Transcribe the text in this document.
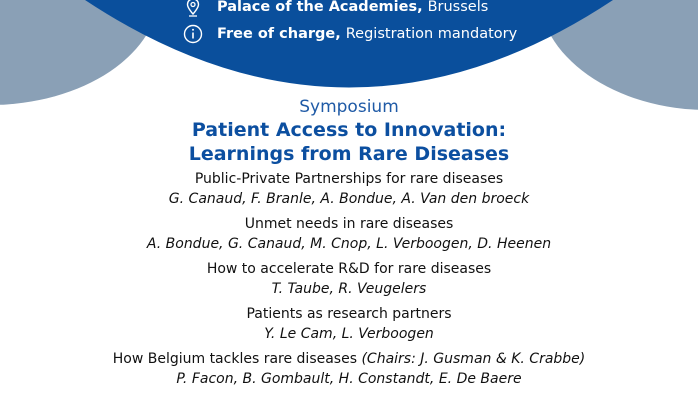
Palace of the Academies, Brussels
Free of charge, Registration mandatory
Symposium
Patient Access to Innovation:
Learnings from Rare Diseases
Public-Private Partnerships for rare diseases
G. Canaud, F. Branle, A. Bondue, A. Van den broeck
Unmet needs in rare diseases
A. Bondue, G. Canaud, M. Cnop, L. Verboogen, D. Heenen
How to accelerate R&D for rare diseases
T. Taube, R. Veugelers
Patients as research partners
Y. Le Cam, L. Verboogen
How Belgium tackles rare diseases (Chairs: J. Gusman & K. Crabbe)
P. Facon, B. Gombault, H. Constandt, E. De Baere
